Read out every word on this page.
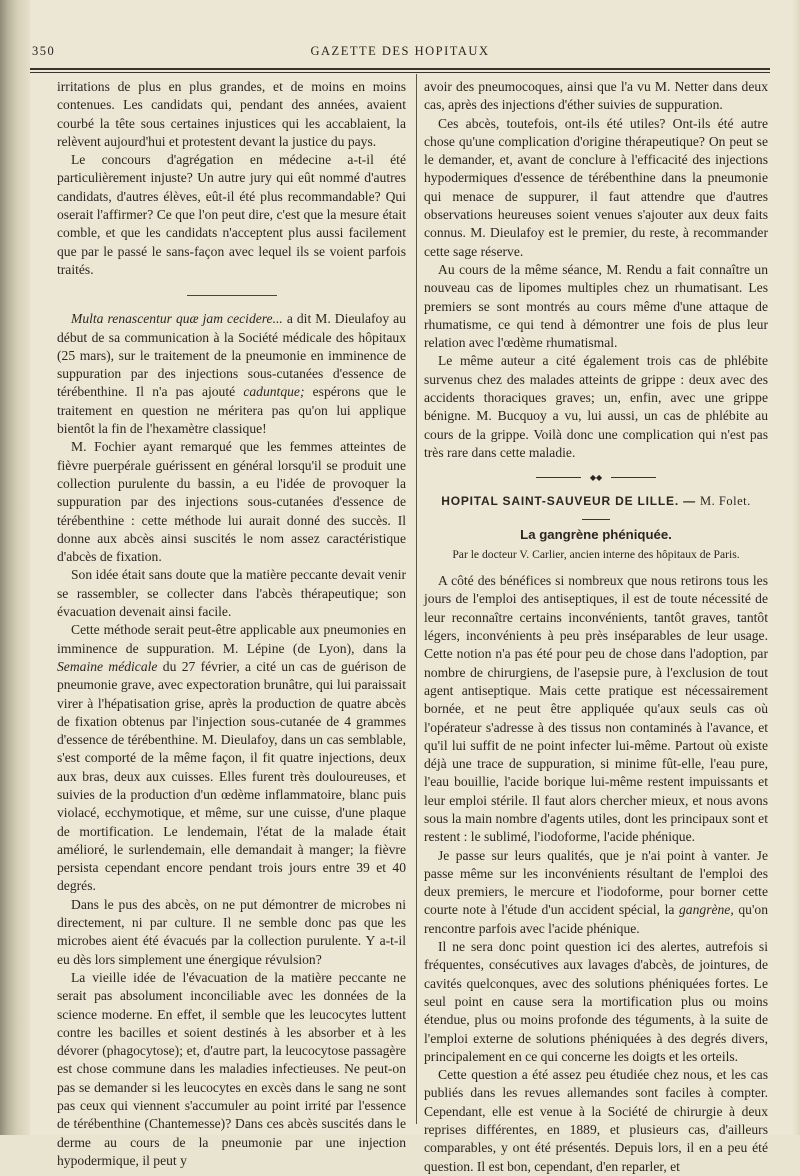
350	GAZETTE DES HOPITAUX

irritations de plus en plus grandes, et de moins en moins contenues. Les candidats qui, pendant des années, avaient courbé la tête sous certaines injustices qui les accablaient, la relèvent aujourd'hui et protestent devant la justice du pays.

Le concours d'agrégation en médecine a-t-il été particulièrement injuste? Un autre jury qui eût nommé d'autres candidats, d'autres élèves, eût-il été plus recommandable? Qui oserait l'affirmer? Ce que l'on peut dire, c'est que la mesure était comble, et que les candidats n'acceptent plus aussi facilement que par le passé le sans-façon avec lequel ils se voient parfois traités.

Multa renascentur quæ jam cecidere... a dit M. Dieulafoy au début de sa communication à la Société médicale des hôpitaux (25 mars), sur le traitement de la pneumonie en imminence de suppuration par des injections sous-cutanées d'essence de térébenthine. Il n'a pas ajouté caduntque; espérons que le traitement en question ne méritera pas qu'on lui applique bientôt la fin de l'hexamètre classique!

M. Fochier ayant remarqué que les femmes atteintes de fièvre puerpérale guérissent en général lorsqu'il se produit une collection purulente du bassin, a eu l'idée de provoquer la suppuration par des injections sous-cutanées d'essence de térébenthine : cette méthode lui aurait donné des succès. Il donne aux abcès ainsi suscités le nom assez caractéristique d'abcès de fixation.

Son idée était sans doute que la matière peccante devait venir se rassembler, se collecter dans l'abcès thérapeutique; son évacuation devenait ainsi facile.

Cette méthode serait peut-être applicable aux pneumonies en imminence de suppuration. M. Lépine (de Lyon), dans la Semaine médicale du 27 février, a cité un cas de guérison de pneumonie grave, avec expectoration brunâtre, qui lui paraissait virer à l'hépatisation grise, après la production de quatre abcès de fixation obtenus par l'injection sous-cutanée de 4 grammes d'essence de térébenthine. M. Dieulafoy, dans un cas semblable, s'est comporté de la même façon, il fit quatre injections, deux aux bras, deux aux cuisses. Elles furent très douloureuses, et suivies de la production d'un œdème inflammatoire, blanc puis violacé, ecchymotique, et même, sur une cuisse, d'une plaque de mortification. Le lendemain, l'état de la malade était amélioré, le surlendemain, elle demandait à manger; la fièvre persista cependant encore pendant trois jours entre 39 et 40 degrés.

Dans le pus des abcès, on ne put démontrer de microbes ni directement, ni par culture. Il ne semble donc pas que les microbes aient été évacués par la collection purulente. Y a-t-il eu dès lors simplement une énergique révulsion?

La vieille idée de l'évacuation de la matière peccante ne serait pas absolument inconciliable avec les données de la science moderne. En effet, il semble que les leucocytes luttent contre les bacilles et soient destinés à les absorber et à les dévorer (phagocytose); et, d'autre part, la leucocytose passagère est chose commune dans les maladies infectieuses. Ne peut-on pas se demander si les leucocytes en excès dans le sang ne sont pas ceux qui viennent s'accumuler au point irrité par l'essence de térébenthine (Chantemesse)? Dans ces abcès suscités dans le derme au cours de la pneumonie par une injection hypodermique, il peut y

avoir des pneumocoques, ainsi que l'a vu M. Netter dans deux cas, après des injections d'éther suivies de suppuration.

Ces abcès, toutefois, ont-ils été utiles? Ont-ils été autre chose qu'une complication d'origine thérapeutique? On peut se le demander, et, avant de conclure à l'efficacité des injections hypodermiques d'essence de térébenthine dans la pneumonie qui menace de suppurer, il faut attendre que d'autres observations heureuses soient venues s'ajouter aux deux faits connus. M. Dieulafoy est le premier, du reste, à recommander cette sage réserve.

Au cours de la même séance, M. Rendu a fait connaître un nouveau cas de lipomes multiples chez un rhumatisant. Les premiers se sont montrés au cours même d'une attaque de rhumatisme, ce qui tend à démontrer une fois de plus leur relation avec l'œdème rhumatismal.

Le même auteur a cité également trois cas de phlébite survenus chez des malades atteints de grippe : deux avec des accidents thoraciques graves; un, enfin, avec une grippe bénigne. M. Bucquoy a vu, lui aussi, un cas de phlébite au cours de la grippe. Voilà donc une complication qui n'est pas très rare dans cette maladie.

◆◆
HOPITAL SAINT-SAUVEUR DE LILLE. — M. Folet.
La gangrène phéniquée.
Par le docteur V. Carlier, ancien interne des hôpitaux de Paris.

A côté des bénéfices si nombreux que nous retirons tous les jours de l'emploi des antiseptiques, il est de toute nécessité de leur reconnaître certains inconvénients, tantôt graves, tantôt légers, inconvénients à peu près inséparables de leur usage. Cette notion n'a pas été pour peu de chose dans l'adoption, par nombre de chirurgiens, de l'asepsie pure, à l'exclusion de tout agent antiseptique. Mais cette pratique est nécessairement bornée, et ne peut être appliquée qu'aux seuls cas où l'opérateur s'adresse à des tissus non contaminés à l'avance, et qu'il lui suffit de ne point infecter lui-même. Partout où existe déjà une trace de suppuration, si minime fût-elle, l'eau pure, l'eau bouillie, l'acide borique lui-même restent impuissants et leur emploi stérile. Il faut alors chercher mieux, et nous avons sous la main nombre d'agents utiles, dont les principaux sont et restent : le sublimé, l'iodoforme, l'acide phénique.

Je passe sur leurs qualités, que je n'ai point à vanter. Je passe même sur les inconvénients résultant de l'emploi des deux premiers, le mercure et l'iodoforme, pour borner cette courte note à l'étude d'un accident spécial, la gangrène, qu'on rencontre parfois avec l'acide phénique.

Il ne sera donc point question ici des alertes, autrefois si fréquentes, consécutives aux lavages d'abcès, de jointures, de cavités quelconques, avec des solutions phéniquées fortes. Le seul point en cause sera la mortification plus ou moins étendue, plus ou moins profonde des téguments, à la suite de l'emploi externe de solutions phéniquées à des degrés divers, principalement en ce qui concerne les doigts et les orteils.

Cette question a été assez peu étudiée chez nous, et les cas publiés dans les revues allemandes sont faciles à compter. Cependant, elle est venue à la Société de chirurgie à deux reprises différentes, en 1889, et plusieurs cas, d'ailleurs comparables, y ont été présentés. Depuis lors, il en a peu été question. Il est bon, cependant, d'en reparler, et
